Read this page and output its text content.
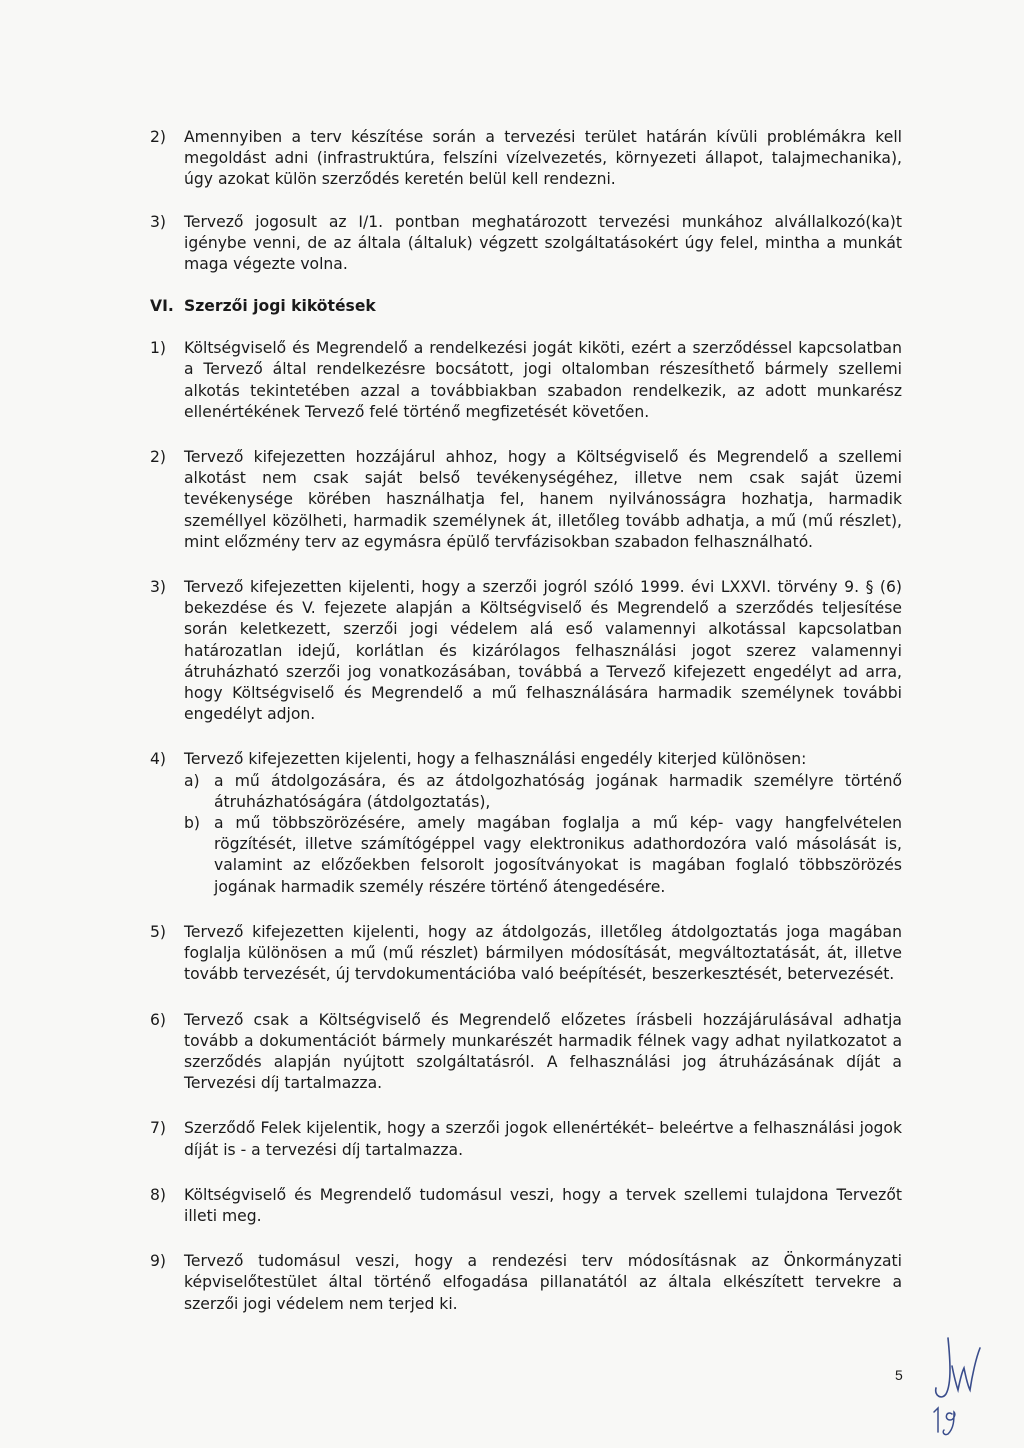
2) Amennyiben a terv készítése során a tervezési terület határán kívüli problémákra kell megoldást adni (infrastruktúra, felszíni vízelvezetés, környezeti állapot, talajmechanika), úgy azokat külön szerződés keretén belül kell rendezni.
3) Tervező jogosult az I/1. pontban meghatározott tervezési munkához alvállalkozó(ka)t igénybe venni, de az általa (általuk) végzett szolgáltatásokért úgy felel, mintha a munkát maga végezte volna.
VI. Szerzői jogi kikötések
1) Költségviselő és Megrendelő a rendelkezési jogát kiköti, ezért a szerződéssel kapcsolatban a Tervező által rendelkezésre bocsátott, jogi oltalomban részesíthető bármely szellemi alkotás tekintetében azzal a továbbiakban szabadon rendelkezik, az adott munkarész ellenértékének Tervező felé történő megfizetését követően.
2) Tervező kifejezetten hozzájárul ahhoz, hogy a Költségviselő és Megrendelő a szellemi alkotást nem csak saját belső tevékenységéhez, illetve nem csak saját üzemi tevékenysége körében használhatja fel, hanem nyilvánosságra hozhatja, harmadik személlyel közölheti, harmadik személynek át, illetőleg tovább adhatja, a mű (mű részlet), mint előzmény terv az egymásra épülő tervfázisokban szabadon felhasználható.
3) Tervező kifejezetten kijelenti, hogy a szerzői jogról szóló 1999. évi LXXVI. törvény 9. § (6) bekezdése és V. fejezete alapján a Költségviselő és Megrendelő a szerződés teljesítése során keletkezett, szerzői jogi védelem alá eső valamennyi alkotással kapcsolatban határozatlan idejű, korlátlan és kizárólagos felhasználási jogot szerez valamennyi átruházható szerzői jog vonatkozásában, továbbá a Tervező kifejezett engedélyt ad arra, hogy Költségviselő és Megrendelő a mű felhasználására harmadik személynek további engedélyt adjon.
4) Tervező kifejezetten kijelenti, hogy a felhasználási engedély kiterjed különösen:
a) a mű átdolgozására, és az átdolgozhatóság jogának harmadik személyre történő átruházhatóságára (átdolgoztatás),
b) a mű többszörözésére, amely magában foglalja a mű kép- vagy hangfelvételen rögzítését, illetve számítógéppel vagy elektronikus adathordozóra való másolását is, valamint az előzőekben felsorolt jogosítványokat is magában foglaló többszörözés jogának harmadik személy részére történő átengedésére.
5) Tervező kifejezetten kijelenti, hogy az átdolgozás, illetőleg átdolgoztatás joga magában foglalja különösen a mű (mű részlet) bármilyen módosítását, megváltoztatását, át, illetve tovább tervezését, új tervdokumentációba való beépítését, beszerkesztését, betervezését.
6) Tervező csak a Költségviselő és Megrendelő előzetes írásbeli hozzájárulásával adhatja tovább a dokumentációt bármely munkarészét harmadik félnek vagy adhat nyilatkozatot a szerződés alapján nyújtott szolgáltatásról. A felhasználási jog átruházásának díját a Tervezési díj tartalmazza.
7) Szerződő Felek kijelentik, hogy a szerzői jogok ellenértékét– beleértve a felhasználási jogok díját is - a tervezési díj tartalmazza.
8) Költségviselő és Megrendelő tudomásul veszi, hogy a tervek szellemi tulajdona Tervezőt illeti meg.
9) Tervező tudomásul veszi, hogy a rendezési terv módosításnak az Önkormányzati képviselőtestület által történő elfogadása pillanatától az általa elkészített tervekre a szerzői jogi védelem nem terjed ki.
5
